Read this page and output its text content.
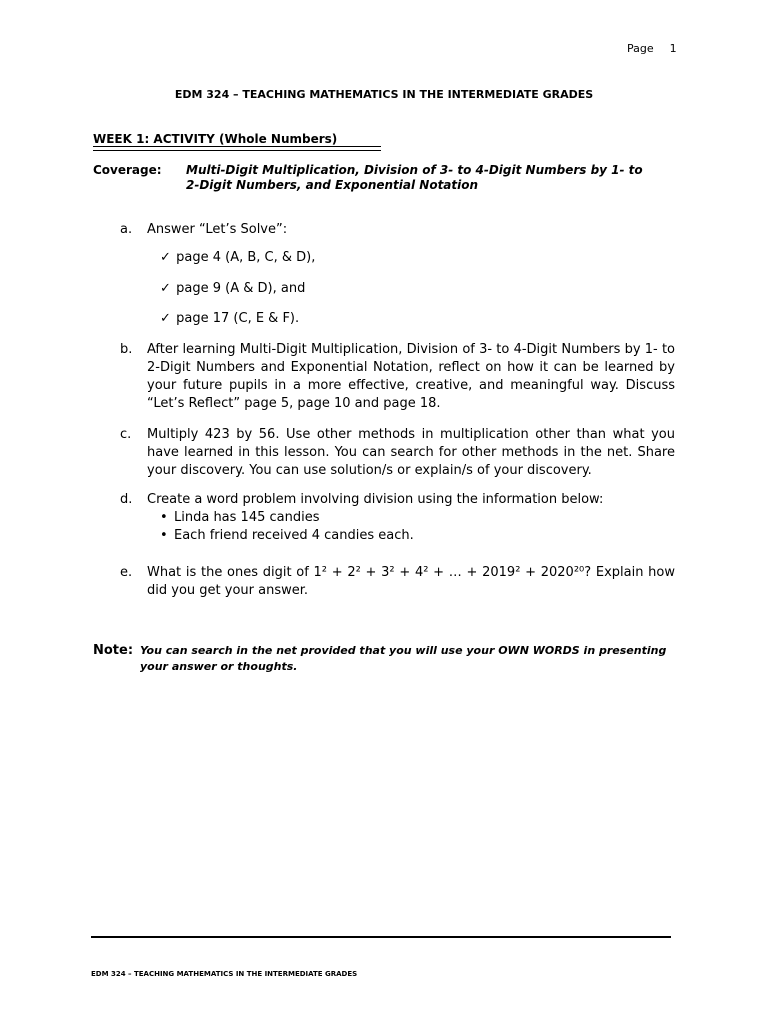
Page 1
EDM 324 – TEACHING MATHEMATICS IN THE INTERMEDIATE GRADES
WEEK 1: ACTIVITY (Whole Numbers)
Coverage: Multi-Digit Multiplication, Division of 3- to 4-Digit Numbers by 1- to 2-Digit Numbers, and Exponential Notation
a. Answer “Let’s Solve”:
✓ page 4 (A, B, C, & D),
✓ page 9 (A & D), and
✓ page 17 (C, E & F).
b. After learning Multi-Digit Multiplication, Division of 3- to 4-Digit Numbers by 1- to 2-Digit Numbers and Exponential Notation, reflect on how it can be learned by your future pupils in a more effective, creative, and meaningful way. Discuss “Let’s Reflect” page 5, page 10 and page 18.
c. Multiply 423 by 56. Use other methods in multiplication other than what you have learned in this lesson. You can search for other methods in the net. Share your discovery. You can use solution/s or explain/s of your discovery.
d. Create a word problem involving division using the information below:
• Linda has 145 candies
• Each friend received 4 candies each.
e. What is the ones digit of 1² + 2² + 3² + 4² + … + 2019² + 2020²⁰? Explain how did you get your answer.
Note: You can search in the net provided that you will use your OWN WORDS in presenting your answer or thoughts.
EDM 324 – TEACHING MATHEMATICS IN THE INTERMEDIATE GRADES
